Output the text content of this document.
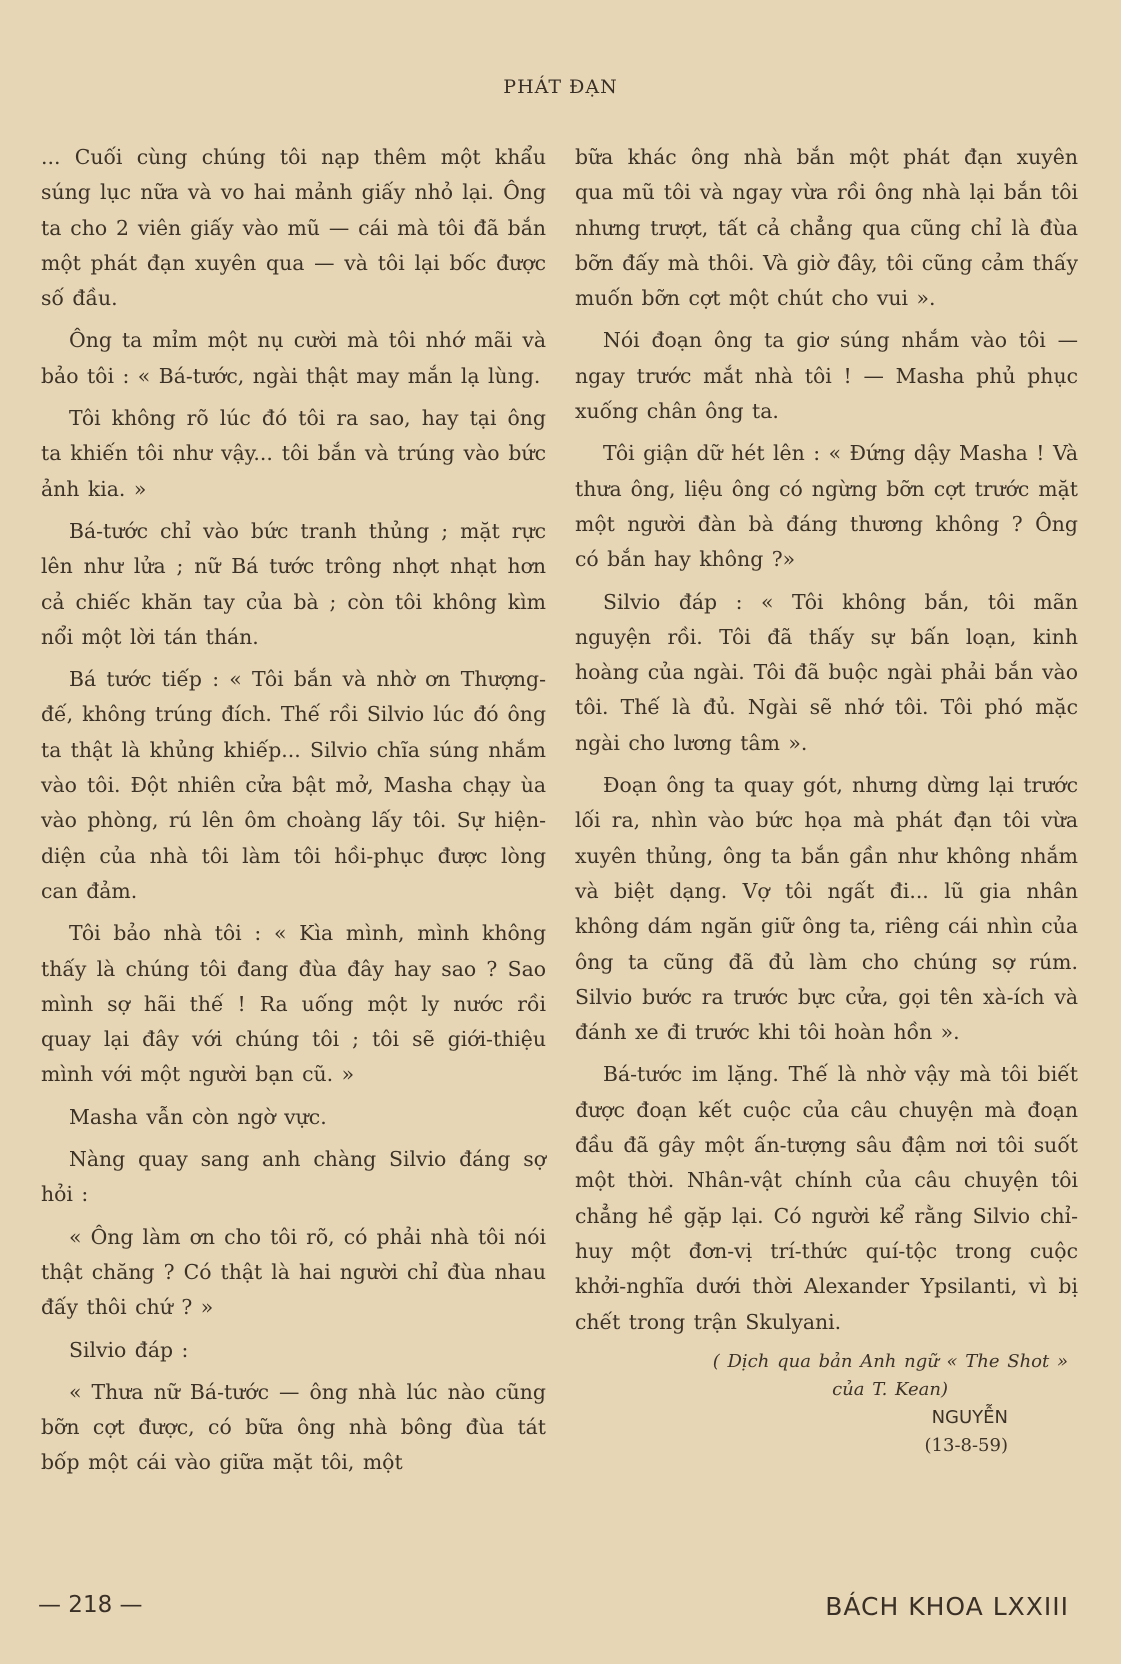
PHÁT ĐẠN

... Cuối cùng chúng tôi nạp thêm một khẩu súng lục nữa và vo hai mảnh giấy nhỏ lại. Ông ta cho 2 viên giấy vào mũ — cái mà tôi đã bắn một phát đạn xuyên qua — và tôi lại bốc được số đầu.

Ông ta mỉm một nụ cười mà tôi nhớ mãi và bảo tôi : « Bá-tước, ngài thật may mắn lạ lùng.

Tôi không rõ lúc đó tôi ra sao, hay tại ông ta khiến tôi như vậy... tôi bắn và trúng vào bức ảnh kia. »

Bá-tước chỉ vào bức tranh thủng ; mặt rực lên như lửa ; nữ Bá tước trông nhợt nhạt hơn cả chiếc khăn tay của bà ; còn tôi không kìm nổi một lời tán thán.

Bá tước tiếp : « Tôi bắn và nhờ ơn Thượng-đế, không trúng đích. Thế rồi Silvio lúc đó ông ta thật là khủng khiếp... Silvio chĩa súng nhắm vào tôi. Đột nhiên cửa bật mở, Masha chạy ùa vào phòng, rú lên ôm choàng lấy tôi. Sự hiện-diện của nhà tôi làm tôi hồi-phục được lòng can đảm.

Tôi bảo nhà tôi : « Kìa mình, mình không thấy là chúng tôi đang đùa đây hay sao ? Sao mình sợ hãi thế ! Ra uống một ly nước rồi quay lại đây với chúng tôi ; tôi sẽ giới-thiệu mình với một người bạn cũ. »

Masha vẫn còn ngờ vực.

Nàng quay sang anh chàng Silvio đáng sợ hỏi :

« Ông làm ơn cho tôi rõ, có phải nhà tôi nói thật chăng ? Có thật là hai người chỉ đùa nhau đấy thôi chứ ? »

Silvio đáp :

« Thưa nữ Bá-tước — ông nhà lúc nào cũng bỡn cợt được, có bữa ông nhà bông đùa tát bốp một cái vào giữa mặt tôi, một

bữa khác ông nhà bắn một phát đạn xuyên qua mũ tôi và ngay vừa rồi ông nhà lại bắn tôi nhưng trượt, tất cả chẳng qua cũng chỉ là đùa bỡn đấy mà thôi. Và giờ đây, tôi cũng cảm thấy muốn bỡn cợt một chút cho vui ».

Nói đoạn ông ta giơ súng nhắm vào tôi — ngay trước mắt nhà tôi ! — Masha phủ phục xuống chân ông ta.

Tôi giận dữ hét lên : « Đứng dậy Masha ! Và thưa ông, liệu ông có ngừng bỡn cợt trước mặt một người đàn bà đáng thương không ? Ông có bắn hay không ?»

Silvio đáp : « Tôi không bắn, tôi mãn nguyện rồi. Tôi đã thấy sự bấn loạn, kinh hoàng của ngài. Tôi đã buộc ngài phải bắn vào tôi. Thế là đủ. Ngài sẽ nhớ tôi. Tôi phó mặc ngài cho lương tâm ».

Đoạn ông ta quay gót, nhưng dừng lại trước lối ra, nhìn vào bức họa mà phát đạn tôi vừa xuyên thủng, ông ta bắn gần như không nhắm và biệt dạng. Vợ tôi ngất đi... lũ gia nhân không dám ngăn giữ ông ta, riêng cái nhìn của ông ta cũng đã đủ làm cho chúng sợ rúm. Silvio bước ra trước bực cửa, gọi tên xà-ích và đánh xe đi trước khi tôi hoàn hồn ».

Bá-tước im lặng. Thế là nhờ vậy mà tôi biết được đoạn kết cuộc của câu chuyện mà đoạn đầu đã gây một ấn-tượng sâu đậm nơi tôi suốt một thời. Nhân-vật chính của câu chuyện tôi chẳng hề gặp lại. Có người kể rằng Silvio chỉ-huy một đơn-vị trí-thức quí-tộc trong cuộc khởi-nghĩa dưới thời Alexander Ypsilanti, vì bị chết trong trận Skulyani.

( Dịch qua bản Anh ngữ « The Shot »
của T. Kean)
NGUYỄN
(13-8-59)
— 218 —	BÁCH KHOA LXXIII
